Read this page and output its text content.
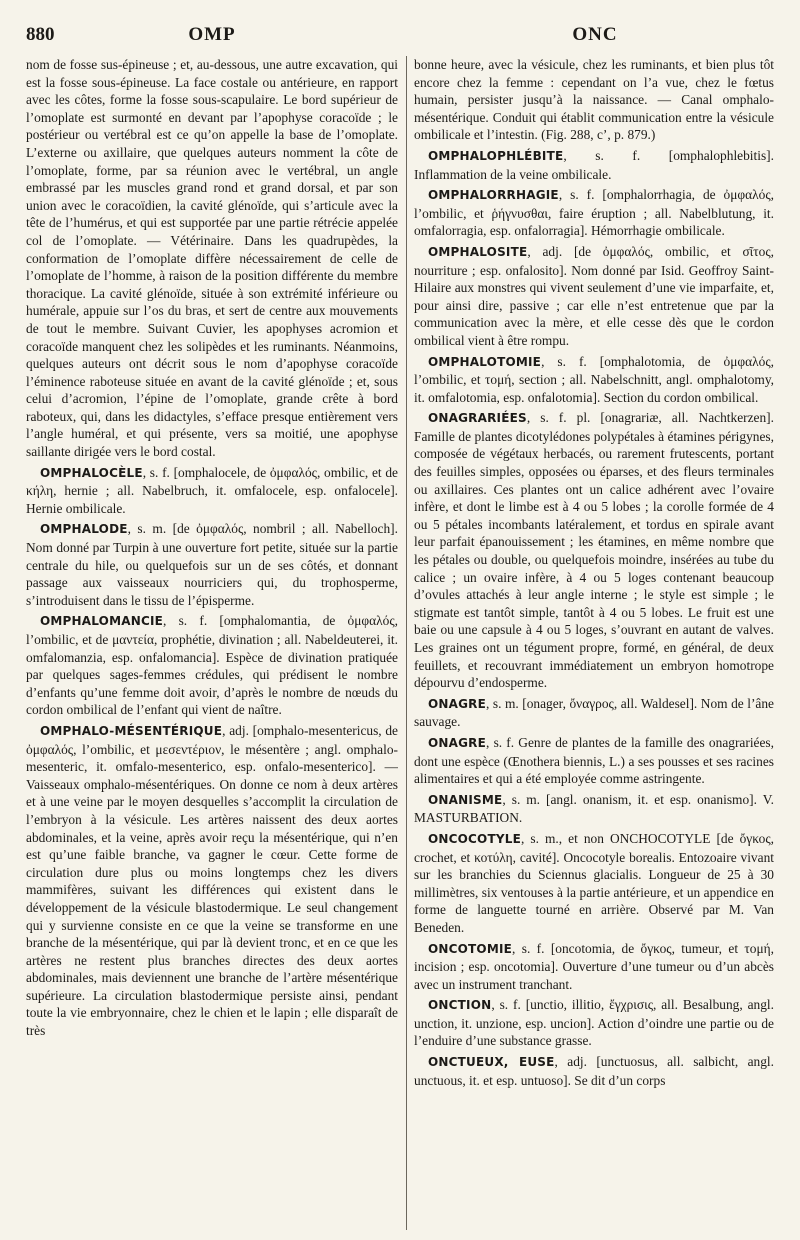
880	OMP	ONC

nom de fosse sus-épineuse ; et, au-dessous, une autre excavation, qui est la fosse sous-épineuse. La face costale ou antérieure, en rapport avec les côtes, forme la fosse sous-scapulaire. Le bord supérieur de l’omoplate est surmonté en devant par l’apophyse coracoïde ; le postérieur ou vertébral est ce qu’on appelle la base de l’omoplate. L’externe ou axillaire, que quelques auteurs nomment la côte de l’omoplate, forme, par sa réunion avec le vertébral, un angle embrassé par les muscles grand rond et grand dorsal, et par son union avec le coracoïdien, la cavité glénoïde, qui s’articule avec la tête de l’humérus, et qui est supportée par une partie rétrécie appelée col de l’omoplate. — Vétérinaire. Dans les quadrupèdes, la conformation de l’omoplate diffère nécessairement de celle de l’omoplate de l’homme, à raison de la position différente du membre thoracique. La cavité glénoïde, située à son extrémité inférieure ou humérale, appuie sur l’os du bras, et sert de centre aux mouvements de tout le membre. Suivant Cuvier, les apophyses acromion et coracoïde manquent chez les solipèdes et les ruminants. Néanmoins, quelques auteurs ont décrit sous le nom d’apophyse coracoïde l’éminence raboteuse située en avant de la cavité glénoïde ; et, sous celui d’acromion, l’épine de l’omoplate, grande crête à bord raboteux, qui, dans les didactyles, s’efface presque entièrement vers l’angle huméral, et qui présente, vers sa moitié, une apophyse saillante dirigée vers le bord costal.

OMPHALOCÈLE, s. f. [omphalocele, de ὀμφαλός, ombilic, et de κήλη, hernie ; all. Nabelbruch, it. omfalocele, esp. onfalocele]. Hernie ombilicale.

OMPHALODE, s. m. [de ὀμφαλός, nombril ; all. Nabelloch]. Nom donné par Turpin à une ouverture fort petite, située sur la partie centrale du hile, ou quelquefois sur un de ses côtés, et donnant passage aux vaisseaux nourriciers qui, du trophosperme, s’introduisent dans le tissu de l’épisperme.

OMPHALOMANCIE, s. f. [omphalomantia, de ὀμφαλός, l’ombilic, et de μαντεία, prophétie, divination ; all. Nabeldeuterei, it. omfalomanzia, esp. onfalomancia]. Espèce de divination pratiquée par quelques sages-femmes crédules, qui prédisent le nombre d’enfants qu’une femme doit avoir, d’après le nombre de nœuds du cordon ombilical de l’enfant qui vient de naître.

OMPHALO-MÉSENTÉRIQUE, adj. [omphalo-mesentericus, de ὀμφαλός, l’ombilic, et μεσεντέριον, le mésentère ; angl. omphalo-mesenteric, it. omfalo-mesenterico, esp. onfalo-mesenterico]. — Vaisseaux omphalo-mésentériques. On donne ce nom à deux artères et à une veine par le moyen desquelles s’accomplit la circulation de l’embryon à la vésicule. Les artères naissent des deux aortes abdominales, et la veine, après avoir reçu la mésentérique, qui n’en est qu’une faible branche, va gagner le cœur. Cette forme de circulation dure plus ou moins longtemps chez les divers mammifères, suivant les différences qui existent dans le développement de la vésicule blastodermique. Le seul changement qui y survienne consiste en ce que la veine se transforme en une branche de la mésentérique, qui par là devient tronc, et en ce que les artères ne restent plus branches directes des deux aortes abdominales, mais deviennent une branche de l’artère mésentérique supérieure. La circulation blastodermique persiste ainsi, pendant toute la vie embryonnaire, chez le chien et le lapin ; elle disparaît de très

bonne heure, avec la vésicule, chez les ruminants, et bien plus tôt encore chez la femme : cependant on l’a vue, chez le fœtus humain, persister jusqu’à la naissance. — Canal omphalo-mésentérique. Conduit qui établit communication entre la vésicule ombilicale et l’intestin. (Fig. 288, c’, p. 879.)

OMPHALOPHLÉBITE, s. f. [omphalophlebitis]. Inflammation de la veine ombilicale.

OMPHALORRHAGIE, s. f. [omphalorrhagia, de ὀμφαλός, l’ombilic, et ῥήγνυσθαι, faire éruption ; all. Nabelblutung, it. omfalorragia, esp. onfalorragia]. Hémorrhagie ombilicale.

OMPHALOSITE, adj. [de ὀμφαλός, ombilic, et σῖτος, nourriture ; esp. onfalosito]. Nom donné par Isid. Geoffroy Saint-Hilaire aux monstres qui vivent seulement d’une vie imparfaite, et, pour ainsi dire, passive ; car elle n’est entretenue que par la communication avec la mère, et elle cesse dès que le cordon ombilical vient à être rompu.

OMPHALOTOMIE, s. f. [omphalotomia, de ὀμφαλός, l’ombilic, et τομή, section ; all. Nabelschnitt, angl. omphalotomy, it. omfalotomia, esp. onfalotomia]. Section du cordon ombilical.

ONAGRARIÉES, s. f. pl. [onagrariæ, all. Nachtkerzen]. Famille de plantes dicotylédones polypétales à étamines périgynes, composée de végétaux herbacés, ou rarement frutescents, portant des feuilles simples, opposées ou éparses, et des fleurs terminales ou axillaires. Ces plantes ont un calice adhérent avec l’ovaire infère, et dont le limbe est à 4 ou 5 lobes ; la corolle formée de 4 ou 5 pétales incombants latéralement, et tordus en spirale avant leur parfait épanouissement ; les étamines, en même nombre que les pétales ou double, ou quelquefois moindre, insérées au tube du calice ; un ovaire infère, à 4 ou 5 loges contenant beaucoup d’ovules attachés à leur angle interne ; le style est simple ; le stigmate est tantôt simple, tantôt à 4 ou 5 lobes. Le fruit est une baie ou une capsule à 4 ou 5 loges, s’ouvrant en autant de valves. Les graines ont un tégument propre, formé, en général, de deux feuillets, et recouvrant immédiatement un embryon homotrope dépourvu d’endosperme.

ONAGRE, s. m. [onager, ὄναγρος, all. Waldesel]. Nom de l’âne sauvage.

ONAGRE, s. f. Genre de plantes de la famille des onagrariées, dont une espèce (Œnothera biennis, L.) a ses pousses et ses racines alimentaires et qui a été employée comme astringente.

ONANISME, s. m. [angl. onanism, it. et esp. onanismo]. V. MASTURBATION.

ONCOCOTYLE, s. m., et non ONCHOCOTYLE [de ὄγκος, crochet, et κοτύλη, cavité]. Oncocotyle borealis. Entozoaire vivant sur les branchies du Sciennus glacialis. Longueur de 25 à 30 millimètres, six ventouses à la partie antérieure, et un appendice en forme de languette tourné en arrière. Observé par M. Van Beneden.

ONCOTOMIE, s. f. [oncotomia, de ὄγκος, tumeur, et τομή, incision ; esp. oncotomia]. Ouverture d’une tumeur ou d’un abcès avec un instrument tranchant.

ONCTION, s. f. [unctio, illitio, ἔγχρισις, all. Besalbung, angl. unction, it. unzione, esp. uncion]. Action d’oindre une partie ou de l’enduire d’une substance grasse.

ONCTUEUX, EUSE, adj. [unctuosus, all. salbicht, angl. unctuous, it. et esp. untuoso]. Se dit d’un corps
